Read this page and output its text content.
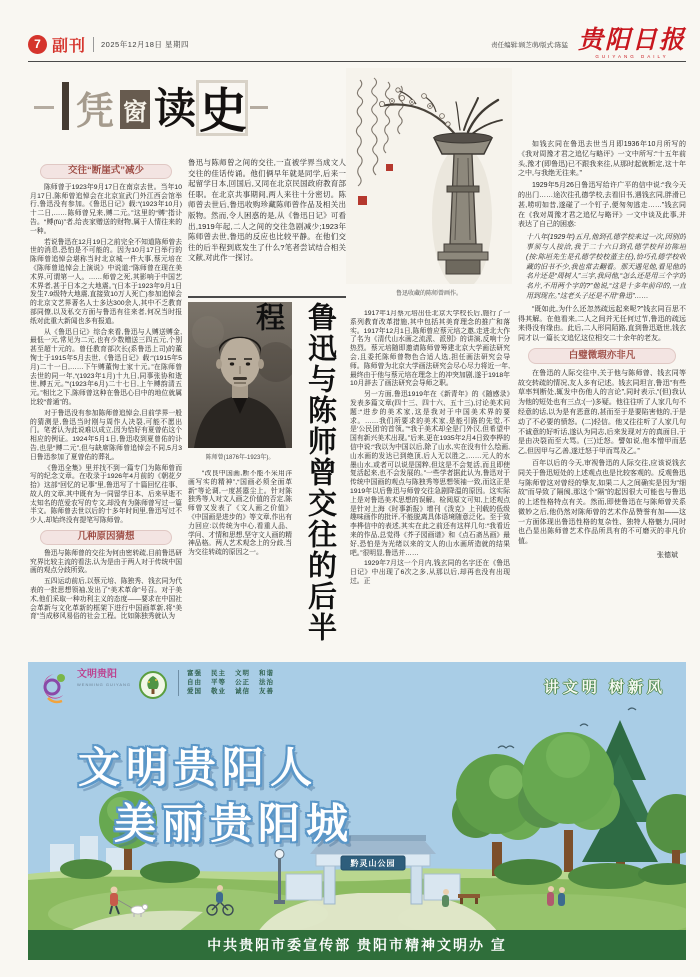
7 副刊 2025年12月18日 星期四	责任编辑:顾芝萌/版式:陈猛 贵阳日报
GUIYANG DAILY
凭 窗 读 史
鲁迅收藏的陈师曾画作。
交往“断崖式”减少

陈师曾于1923年9月17日在南京去世。当年10月17日,陈师曾追悼会在北京宣武门外江西会馆举行,鲁迅没有参加。《鲁迅日记》载:“(1923年10月)十二日,……陈师曾兄来,赙二元。”这里的“赙”指讣告。“赙(fù)”者,给丧家赠送的财物,属于人情往来的一种。

若说鲁迅在12月19日之前完全不知道陈师曾去世的消息,恐怕是不可能的。因为10月17日举行的陈师曾追悼会堪称当时北京城一件大事,蔡元培在《陈师曾追悼会上演说》中说道:“陈师曾在现在美术界,可谓第一人。……师曾之死,其影响于中国艺术界者,甚于日本之大地震。”(日本于1923年9月1日发生7.9级特大地震,直接致10万人死亡)参加追悼会的北京文艺界著名人士多达300余人,其中不乏教育部同僚,以及私交方面与鲁迅有往来者,何况当时报纸对此重大新闻也多有报道。

从《鲁迅日记》综合来看,鲁迅与人赙送赙金,最低一元,常见为二元,也有少数赠送三四五元,个别甚至超十元的。曾任教育部次长(系鲁迅上司)的董恂士于1915年5月去世,《鲁迅日记》载:“(1915年5月)二十一日,……下午赙董恂士家十元。”在陈师曾去世的同一年,“(1923年1月)十九日,同事张协和逝世,赙五元。”“(1923年6月)二十七日,上午赙韵清五元。”相比之下,陈师曾这种在鲁迅心目中的地位就属比较“普通”的。

对于鲁迅没有参加陈师曾追悼会,目前学界一般的猜测是,鲁迅当时刚与周作人决裂,可能不愿出门。笔者认为此说难以成立,因为恰好有夏曾佑这个相应的例证。1924年5月1日,鲁迅收到夏曾佑的讣告,也是“赙二元”,但与缺席陈师曾追悼会不同,5月3日鲁迅参加了夏曾佑的葬礼。

《鲁迅全集》里并找不到一篇专门为陈师曾而写的纪念文章。在收录于1926年4月前的《朝花夕拾》这部“回忆的记事”里,鲁迅写了十篇回忆往事、故人的文章,其中既有为一同留学日本、后来早逝不太知名的范爱农写的专文,却没有为陈师曾写过一篇半文。陈师曾去世以后的十多年时间里,鲁迅写过不少人,却始终没有提笔写陈师曾。

几种原因猜想

鲁迅与陈师曾的交往为何由密转疏,目前鲁迅研究界比较主流的看法,认为是由于两人对于传统中国画的观点分歧所致。

五四运动前后,以蔡元培、陈独秀、钱玄同为代表的一批思想领袖,发出了“美术革命”号召。对于美术,他们采取一种功利主义的态度——要求在中国社会革新与文化革新的框架下进行中国画革新,将“美育”当成移风易俗的社会工程。比如陈独秀就认为

鲁迅与陈师曾之间的交往,一直被学界当成文人交往的佳话传诵。他们俩早年就是同学,后来一起留学日本,回国后,又同在北京民国政府教育部任职。在北京共事期间,两人来往十分密切。陈师曾去世后,鲁迅收购珍藏陈师曾作品及相关出版物。然而,令人困惑的是,从《鲁迅日记》可看出,1919年起,二人之间的交往急剧减少;1923年陈师曾去世,鲁迅的反应也比较平静。在他们交往的后半程到底发生了什么?笔者尝试结合相关文献,对此作一探讨。
陈师曾(1876年-1923年)。

“改良中国画,断不能不采用洋画写实的精神”,“国画必须全面革新”等论调,一度甚嚣尘上。针对陈独秀等人对文人画之价值的否定,陈师曾又发表了《文人画之价值》《中国画是进步的》等文章,作出有力回应:以传统为中心,看重人品、学问、才情和思想,坚守文人画的精神品格。两人艺术观念上的分歧,当为交往转疏的原因之一。	鲁迅与陈师曾交往的后半程	1917年1月蔡元培出任北京大学校长后,施行了一系列教育改革措施,其中包括其美育理念的推广和落实。1917年12月1日,陈师曾应蔡元培之邀,走进北大作了名为《清代山水画之流派、派别》的讲演,反响十分热烈。蔡元培随即邀请陈师曾筹建北京大学画法研究会,且委托陈师曾物色合适人选,担任画法研究会导师。陈师曾为北京大学画法研究会尽心尽力将近一年,最终由于他与蔡元培在理念上的冲突加剧,遂于1918年10月辞去了画法研究会导师之职。

另一方面,鲁迅1919年在《新青年》的《随感录》发表多篇文章(四十三、四十六、五十三),讨论美术问题:“进步的美术家,这是我对于中国美术界的要求。……我们所要求的美术家,是能引路的先觉,不是'公民团'的首领。”“我于美术却全是门外汉,但希望中国有新兴美术出现。”后来,更在1935年2月4日致李桦的信中说:“我以为中国以后,除了山水,实在没有什么绘画,山水画的发达已到绝顶,后人无以胜之,……元人的水墨山水,或者可以说是国粹,但这是不会复活,而且即使复活起来,也不会发展的。”一些学者据此认为,鲁迅对于传统中国画的观点与陈独秀等思想领袖一致,而这正是1919年以后鲁迅与师曾交往急剧降温的原因。这实际上是对鲁迅美术思想的误解。检阅原文可知,上述观点是针对上海《时事新报》增刊《泼克》上刊载的低级趣味画作的批评,不能脱离具体语境随意泛化。至于致李桦信中的表述,其实在此之前还有这样几句:“我看近来的作品,总觉得《芥子园画谱》和《点石斋丛画》最好,恐怕是为光绪以来的文人的山水画所造就的结果吧。”很明显,鲁迅并……

1929年7月这一个月内,钱玄同的名字还在《鲁迅日记》中出现了6次之多,从那以后,却再也没有出现过。正

如钱玄同在鲁迅去世当月即1936年10月所写的《我对周豫才君之追忆与略评》一文中所写:“十五年前头,豫才(即鲁迅)已不跟我来往,从那时起就断定,这十年之中,与我绝无往来。”

1929年5月26日鲁迅写给许广平的信中说:“我今天的出门……途次往孔德学校,去看旧书,遇钱玄同,胖滑已甚,唠叨如昔,遂碰了一个钉子,便匆匆逃走……”钱玄同在《我对周豫才君之追忆与略评》一文中谈及此事,并表达了自己的困惑:

十八年(1929年)五月,他到孔德学校来过一次,因别的事须与人接洽,我于二十六日到孔德学校拜访陈垣(按:陈垣先生是孔德学校校董主任),恰巧孔德学校收藏的旧书不少,我也常去翻看。那天遇见他,看见他的名片还是“周树人”三字,我问他,“怎么还是用三个字的名片,不用两个字的?”他说,“这是十多年前印的,一直用到现在。”这老头子还是不用“鲁迅”……

“既如此,为什么还忽然疏远起来呢?”钱玄同百思不得其解。在他看来,二人之间并无任何过节,鲁迅的疏远来得没有缘由。此后,二人形同陌路,直到鲁迅逝世,钱玄同才以一篇长文追忆这位相交二十余年的老友。

白璧微瑕亦非凡

在鲁迅的人际交往中,关于他与陈师曾、钱玄同等故交转疏的情况,友人多有记述。钱玄同坦言,鲁迅“有些草率判断处,辄发中伤他人的言论”,同时表示,“(但)我认为他的短处也有三点:(一)多疑。他往往听了人家几句不经意的话,以为是有恶意的,甚而至于是要陷害他的,于是动了不必要的愤怒。(二)轻信。他又往往听了人家几句不诚意的好听话,遂认为同志,后来发现对方的真面目,于是由决裂而至大骂。(三)迁怒。譬如说,他本憎甲而恶乙,但因甲与乙善,遂迁怒于甲而骂及乙。”

百年以后的今天,审视鲁迅的人际交往,应该说钱玄同关于鲁迅短处的上述观点也是比较客观的。反观鲁迅与陈师曾这对曾经的挚友,如果二人之间确实是因为“细故”而导致了隔阂,那这个“隔”的起因很大可能也与鲁迅的上述性格特点有关。然而,即使鲁迅在与陈师曾关系微妙之后,他仍然对陈师曾的艺术作品赞誉有加——这一方面体现出鲁迅性格的复杂性、独特人格魅力,同时也凸显出陈师曾艺术作品所具有的不可磨灭的非凡价值。

张德斌
文明贵阳
WENMING GUIYANG
富强
自由
爱国
民主
平等
敬业
文明
公正
诚信
和谐
法治
友善	讲文明 树新风
文明贵阳人
美丽贵阳城
黔灵山公园
中共贵阳市委宣传部 贵阳市精神文明办 宣
